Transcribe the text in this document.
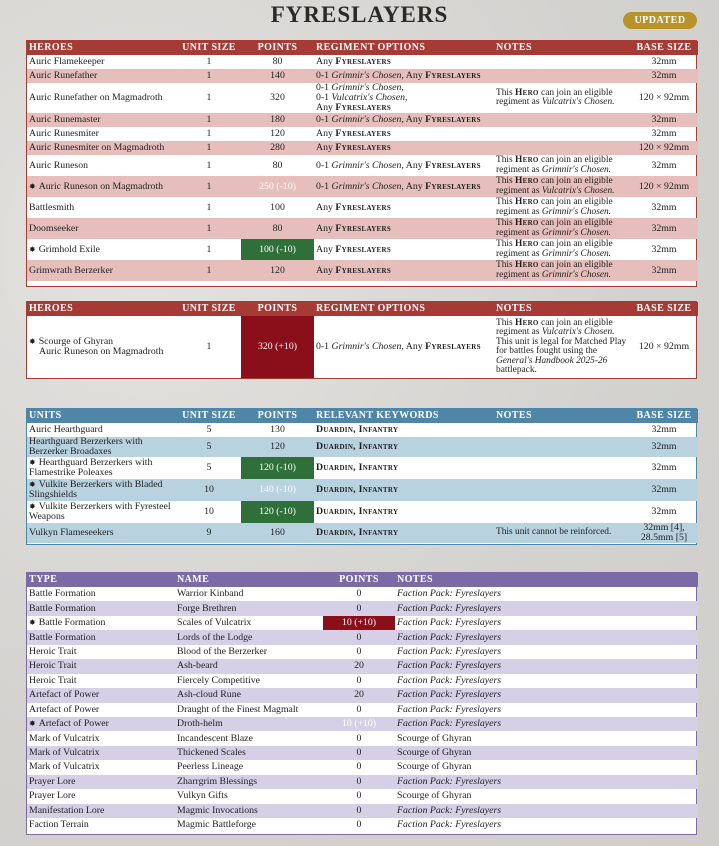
FYRESLAYERS	UPDATED
HEROES	UNIT SIZE	POINTS	REGIMENT OPTIONS	NOTES	BASE SIZE
Auric Flamekeeper	1	80	Any Fyreslayers		32mm
Auric Runefather	1	140	0-1 Grimnir's Chosen, Any Fyreslayers		32mm
Auric Runefather on Magmadroth	1	320	0-1 Grimnir's Chosen,
0-1 Vulcatrix's Chosen,
Any Fyreslayers	This Hero can join an eligible regiment as Vulcatrix's Chosen.	120 × 92mm
Auric Runemaster	1	180	0-1 Grimnir's Chosen, Any Fyreslayers		32mm
Auric Runesmiter	1	120	Any Fyreslayers		32mm
Auric Runesmiter on Magmadroth	1	280	Any Fyreslayers		120 × 92mm
Auric Runeson	1	80	0-1 Grimnir's Chosen, Any Fyreslayers	This Hero can join an eligible regiment as Grimnir's Chosen.	32mm
✸ Auric Runeson on Magmadroth	1	250 (-10)	0-1 Grimnir's Chosen, Any Fyreslayers	This Hero can join an eligible regiment as Vulcatrix's Chosen.	120 × 92mm
Battlesmith	1	100	Any Fyreslayers	This Hero can join an eligible regiment as Grimnir's Chosen.	32mm
Doomseeker	1	80	Any Fyreslayers	This Hero can join an eligible regiment as Grimnir's Chosen.	32mm
✸ Grimhold Exile	1	100 (-10)	Any Fyreslayers	This Hero can join an eligible regiment as Grimnir's Chosen.	32mm
Grimwrath Berzerker	1	120	Any Fyreslayers	This Hero can join an eligible regiment as Grimnir's Chosen.	32mm
HEROES	UNIT SIZE	POINTS	REGIMENT OPTIONS	NOTES	BASE SIZE

✸ Scourge of Ghyran
Auric Runeson on Magmadroth	1	320 (+10)	0-1 Grimnir's Chosen, Any Fyreslayers	This Hero can join an eligible regiment as Vulcatrix's Chosen. This unit is legal for Matched Play for battles fought using the General's Handbook 2025-26 battlepack.	120 × 92mm
UNITS	UNIT SIZE	POINTS	RELEVANT KEYWORDS	NOTES	BASE SIZE
Auric Hearthguard	5	130	Duardin, Infantry		32mm
Hearthguard Berzerkers with Berzerker Broadaxes	5	120	Duardin, Infantry		32mm
✸ Hearthguard Berzerkers with Flamestrike Poleaxes	5	120 (-10)	Duardin, Infantry		32mm
✸ Vulkite Berzerkers with Bladed Slingshields	10	140 (-10)	Duardin, Infantry		32mm
✸ Vulkite Berzerkers with Fyresteel Weapons	10	120 (-10)	Duardin, Infantry		32mm
Vulkyn Flameseekers	9	160	Duardin, Infantry	This unit cannot be reinforced.	32mm [4], 28.5mm [5]
TYPE	NAME	POINTS	NOTES
Battle Formation	Warrior Kinband	0	Faction Pack: Fyreslayers
Battle Formation	Forge Brethren	0	Faction Pack: Fyreslayers
✸ Battle Formation	Scales of Vulcatrix	10 (+10)	Faction Pack: Fyreslayers
Battle Formation	Lords of the Lodge	0	Faction Pack: Fyreslayers
Heroic Trait	Blood of the Berzerker	0	Faction Pack: Fyreslayers
Heroic Trait	Ash-beard	20	Faction Pack: Fyreslayers
Heroic Trait	Fiercely Competitive	0	Faction Pack: Fyreslayers
Artefact of Power	Ash-cloud Rune	20	Faction Pack: Fyreslayers
Artefact of Power	Draught of the Finest Magmalt	0	Faction Pack: Fyreslayers
✸ Artefact of Power	Droth-helm	10 (+10)	Faction Pack: Fyreslayers
Mark of Vulcatrix	Incandescent Blaze	0	Scourge of Ghyran
Mark of Vulcatrix	Thickened Scales	0	Scourge of Ghyran
Mark of Vulcatrix	Peerless Lineage	0	Scourge of Ghyran
Prayer Lore	Zharrgrim Blessings	0	Faction Pack: Fyreslayers
Prayer Lore	Vulkyn Gifts	0	Scourge of Ghyran
Manifestation Lore	Magmic Invocations	0	Faction Pack: Fyreslayers
Faction Terrain	Magmic Battleforge	0	Faction Pack: Fyreslayers
